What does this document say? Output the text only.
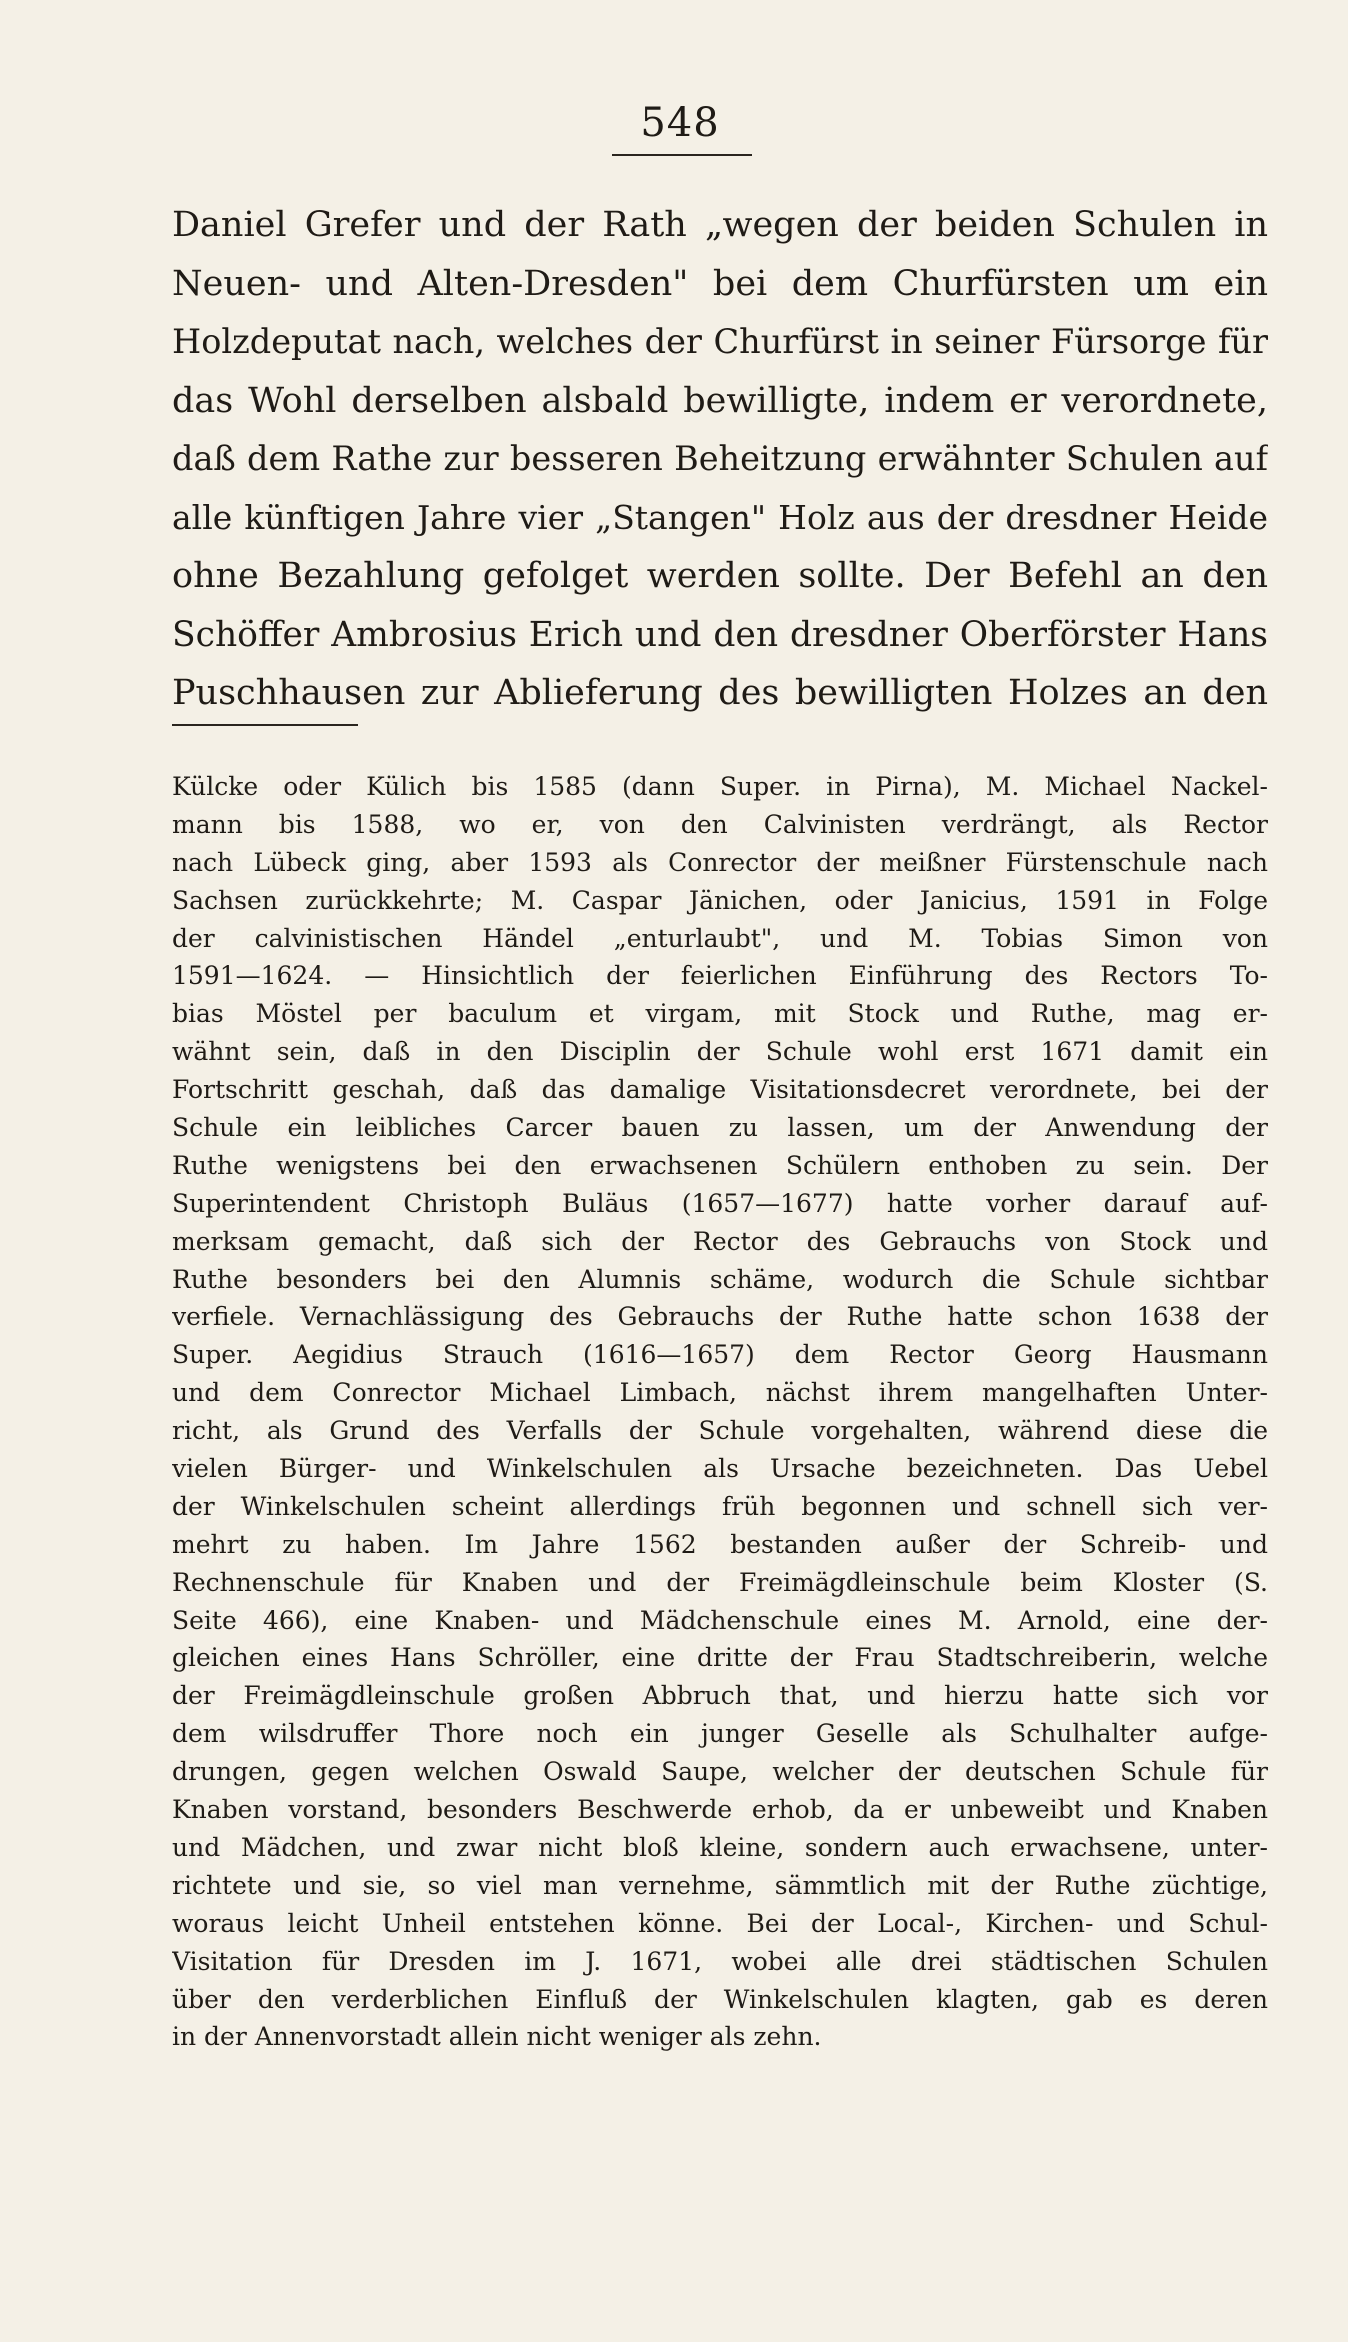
548
Daniel Grefer und der Rath „wegen der beiden Schulen in
Neuen- und Alten-Dresden" bei dem Churfürsten um ein
Holzdeputat nach, welches der Churfürst in seiner Fürsorge für
das Wohl derselben alsbald bewilligte, indem er verordnete,
daß dem Rathe zur besseren Beheitzung erwähnter Schulen auf
alle künftigen Jahre vier „Stangen" Holz aus der dresdner Heide
ohne Bezahlung gefolget werden sollte. Der Befehl an den
Schöffer Ambrosius Erich und den dresdner Oberförster Hans
Puschhausen zur Ablieferung des bewilligten Holzes an den
Külcke oder Külich bis 1585 (dann Super. in Pirna), M. Michael Nackel-
mann bis 1588, wo er, von den Calvinisten verdrängt, als Rector
nach Lübeck ging, aber 1593 als Conrector der meißner Fürstenschule nach
Sachsen zurückkehrte; M. Caspar Jänichen, oder Janicius, 1591 in Folge
der calvinistischen Händel „enturlaubt", und M. Tobias Simon von
1591—1624. — Hinsichtlich der feierlichen Einführung des Rectors To-
bias Möstel per baculum et virgam, mit Stock und Ruthe, mag er-
wähnt sein, daß in den Disciplin der Schule wohl erst 1671 damit ein
Fortschritt geschah, daß das damalige Visitationsdecret verordnete, bei der
Schule ein leibliches Carcer bauen zu lassen, um der Anwendung der
Ruthe wenigstens bei den erwachsenen Schülern enthoben zu sein. Der
Superintendent Christoph Buläus (1657—1677) hatte vorher darauf auf-
merksam gemacht, daß sich der Rector des Gebrauchs von Stock und
Ruthe besonders bei den Alumnis schäme, wodurch die Schule sichtbar
verfiele. Vernachlässigung des Gebrauchs der Ruthe hatte schon 1638 der
Super. Aegidius Strauch (1616—1657) dem Rector Georg Hausmann
und dem Conrector Michael Limbach, nächst ihrem mangelhaften Unter-
richt, als Grund des Verfalls der Schule vorgehalten, während diese die
vielen Bürger- und Winkelschulen als Ursache bezeichneten. Das Uebel
der Winkelschulen scheint allerdings früh begonnen und schnell sich ver-
mehrt zu haben. Im Jahre 1562 bestanden außer der Schreib- und
Rechnenschule für Knaben und der Freimägdleinschule beim Kloster (S.
Seite 466), eine Knaben- und Mädchenschule eines M. Arnold, eine der-
gleichen eines Hans Schröller, eine dritte der Frau Stadtschreiberin, welche
der Freimägdleinschule großen Abbruch that, und hierzu hatte sich vor
dem wilsdruffer Thore noch ein junger Geselle als Schulhalter aufge-
drungen, gegen welchen Oswald Saupe, welcher der deutschen Schule für
Knaben vorstand, besonders Beschwerde erhob, da er unbeweibt und Knaben
und Mädchen, und zwar nicht bloß kleine, sondern auch erwachsene, unter-
richtete und sie, so viel man vernehme, sämmtlich mit der Ruthe züchtige,
woraus leicht Unheil entstehen könne. Bei der Local-, Kirchen- und Schul-
Visitation für Dresden im J. 1671, wobei alle drei städtischen Schulen
über den verderblichen Einfluß der Winkelschulen klagten, gab es deren
in der Annenvorstadt allein nicht weniger als zehn.
